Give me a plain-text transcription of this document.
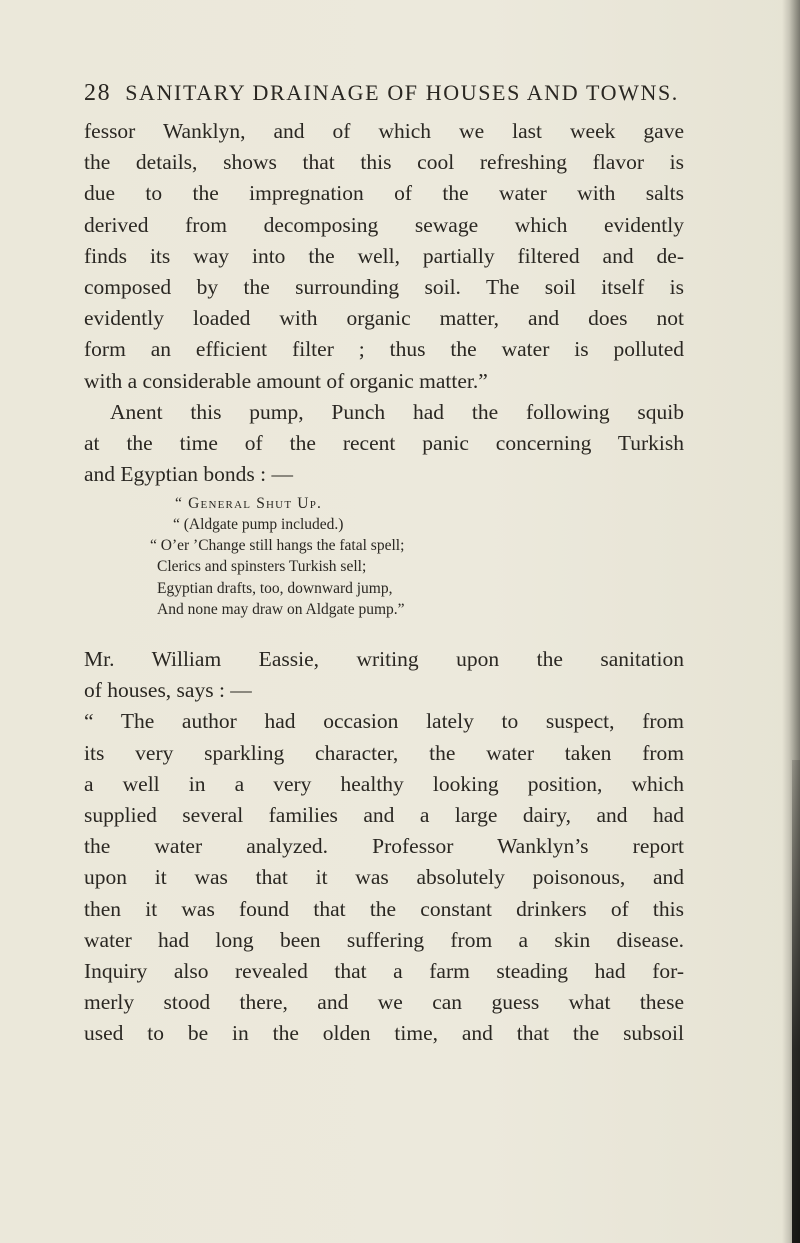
28 SANITARY DRAINAGE OF HOUSES AND TOWNS.
fessor Wanklyn, and of which we last week gave
the details, shows that this cool refreshing flavor is
due to the impregnation of the water with salts
derived from decomposing sewage which evidently
finds its way into the well, partially filtered and de-
composed by the surrounding soil. The soil itself is
evidently loaded with organic matter, and does not
form an efficient filter ; thus the water is polluted
with a considerable amount of organic matter.”
Anent this pump, Punch had the following squib
at the time of the recent panic concerning Turkish
and Egyptian bonds : —
“ General Shut Up.
“ (Aldgate pump included.)
“ O’er ’Change still hangs the fatal spell;
Clerics and spinsters Turkish sell;
Egyptian drafts, too, downward jump,
And none may draw on Aldgate pump.”
Mr. William Eassie, writing upon the sanitation
of houses, says : —
“ The author had occasion lately to suspect, from
its very sparkling character, the water taken from
a well in a very healthy looking position, which
supplied several families and a large dairy, and had
the water analyzed. Professor Wanklyn’s report
upon it was that it was absolutely poisonous, and
then it was found that the constant drinkers of this
water had long been suffering from a skin disease.
Inquiry also revealed that a farm steading had for-
merly stood there, and we can guess what these
used to be in the olden time, and that the subsoil
